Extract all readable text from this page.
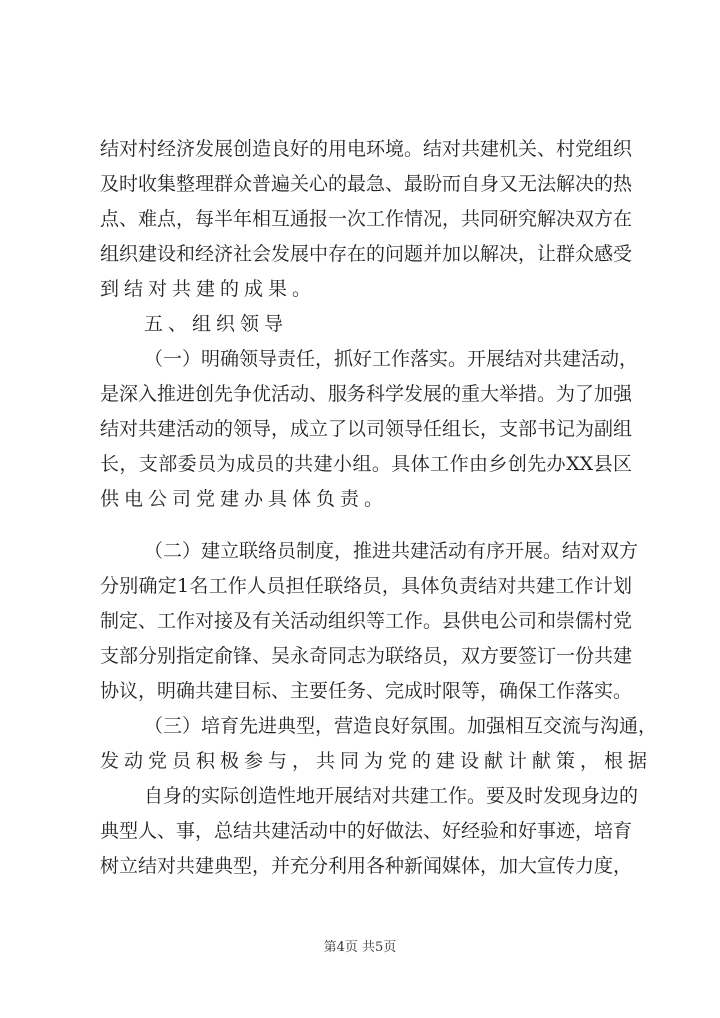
结对村经济发展创造良好的用电环境。结对共建机关、村党组织
及时收集整理群众普遍关心的最急、最盼而自身又无法解决的热
点、难点，每半年相互通报一次工作情况，共同研究解决双方在
组织建设和经济社会发展中存在的问题并加以解决，让群众感受
到结对共建的成果。
五、组织领导
（一）明确领导责任，抓好工作落实。开展结对共建活动，
是深入推进创先争优活动、服务科学发展的重大举措。为了加强
结对共建活动的领导，成立了以司领导任组长，支部书记为副组
长，支部委员为成员的共建小组。具体工作由乡创先办XX县区
供电公司党建办具体负责。
（二）建立联络员制度，推进共建活动有序开展。结对双方
分别确定1名工作人员担任联络员，具体负责结对共建工作计划
制定、工作对接及有关活动组织等工作。县供电公司和崇儒村党
支部分别指定俞锋、吴永奇同志为联络员，双方要签订一份共建
协议，明确共建目标、主要任务、完成时限等，确保工作落实。
（三）培育先进典型，营造良好氛围。加强相互交流与沟通，
发动党员积极参与，共同为党的建设献计献策，根据
自身的实际创造性地开展结对共建工作。要及时发现身边的
典型人、事，总结共建活动中的好做法、好经验和好事迹，培育
树立结对共建典型，并充分利用各种新闻媒体，加大宣传力度，
第4页 共5页
